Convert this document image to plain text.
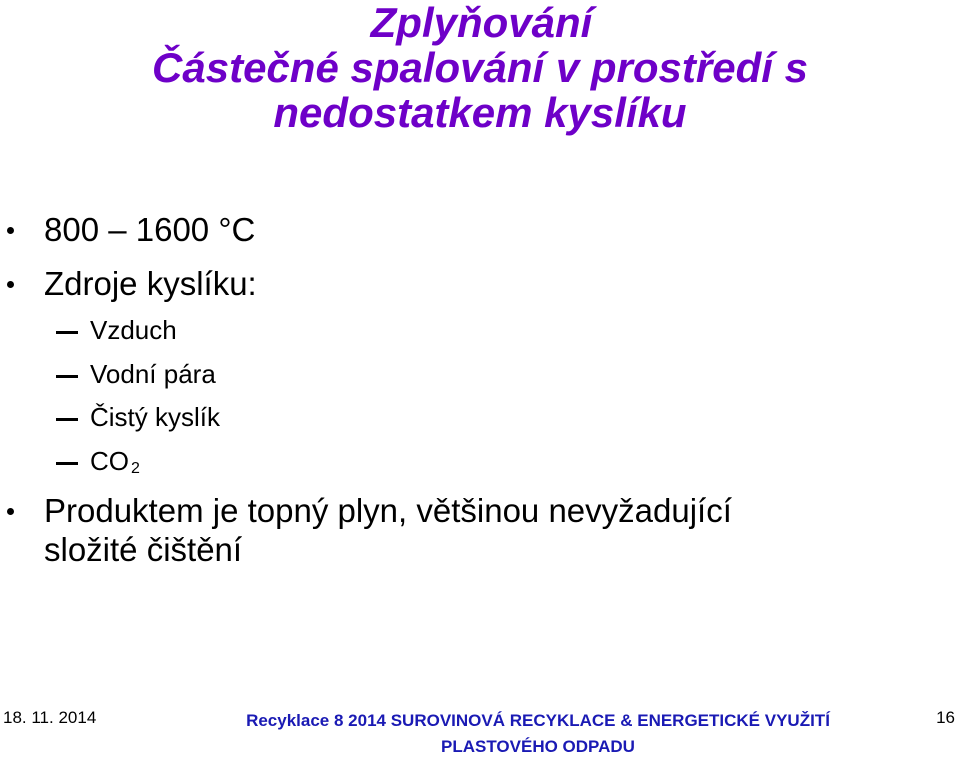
Zplyňování
Částečné spalování v prostředí s
nedostatkem kyslíku
800 – 1600 °C
Zdroje kyslíku:
Vzduch
Vodní pára
Čistý kyslík
CO $_2$
Produktem je topný plyn, většinou nevyžadující
složité čištění
18. 11. 2014	Recyklace 8 2014 SUROVINOVÁ RECYKLACE & ENERGETICKÉ VYUŽITÍ
PLASTOVÉHO ODPADU
16
